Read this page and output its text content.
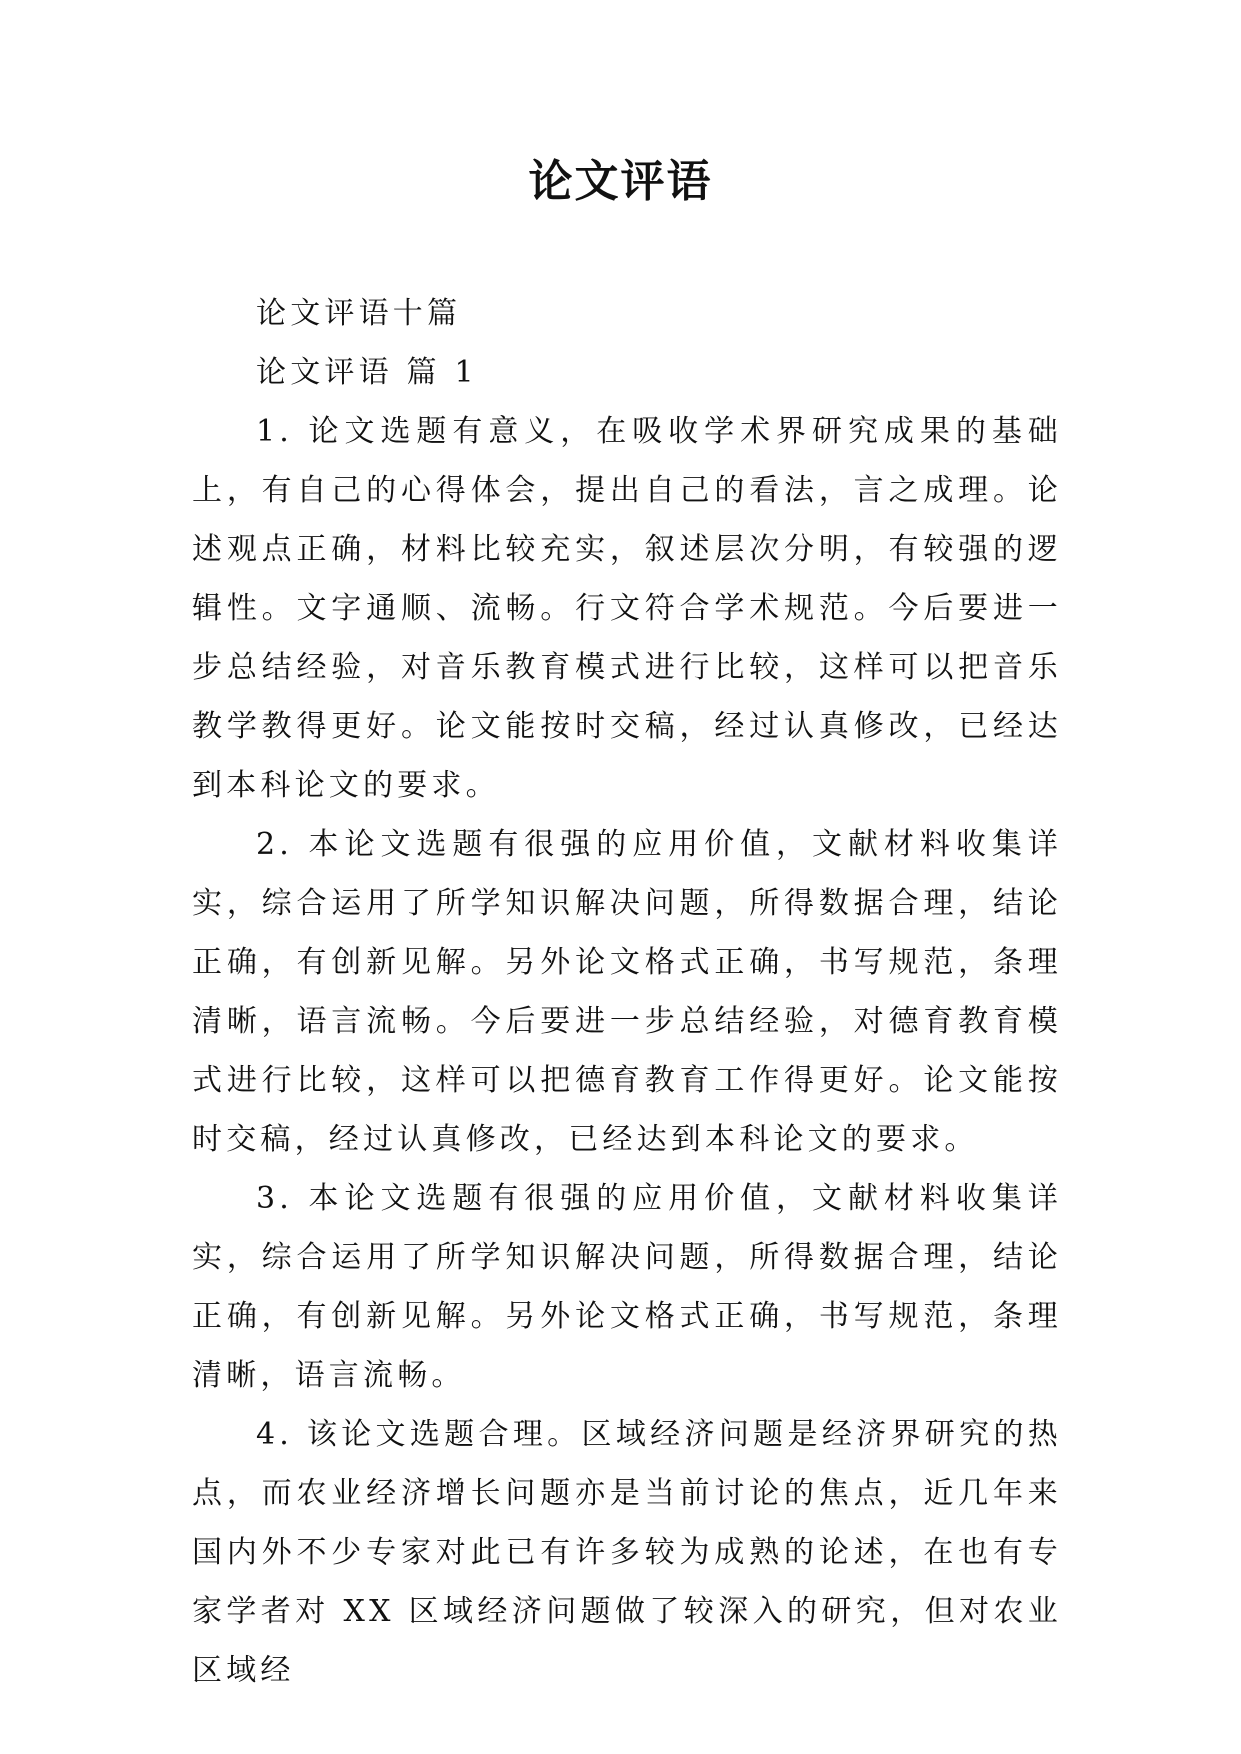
论文评语

论文评语十篇

论文评语 篇 1

1. 论文选题有意义，在吸收学术界研究成果的基础上，有自己的心得体会，提出自己的看法，言之成理。论述观点正确，材料比较充实，叙述层次分明，有较强的逻辑性。文字通顺、流畅。行文符合学术规范。今后要进一步总结经验，对音乐教育模式进行比较，这样可以把音乐教学教得更好。论文能按时交稿，经过认真修改，已经达到本科论文的要求。

2. 本论文选题有很强的应用价值，文献材料收集详实，综合运用了所学知识解决问题，所得数据合理，结论正确，有创新见解。另外论文格式正确，书写规范，条理清晰，语言流畅。今后要进一步总结经验，对德育教育模式进行比较，这样可以把德育教育工作得更好。论文能按时交稿，经过认真修改，已经达到本科论文的要求。

3. 本论文选题有很强的应用价值，文献材料收集详实，综合运用了所学知识解决问题，所得数据合理，结论正确，有创新见解。另外论文格式正确，书写规范，条理清晰，语言流畅。

4. 该论文选题合理。区域经济问题是经济界研究的热点，而农业经济增长问题亦是当前讨论的焦点，近几年来国内外不少专家对此已有许多较为成熟的论述，在也有专家学者对 XX 区域经济问题做了较深入的研究，但对农业区域经
